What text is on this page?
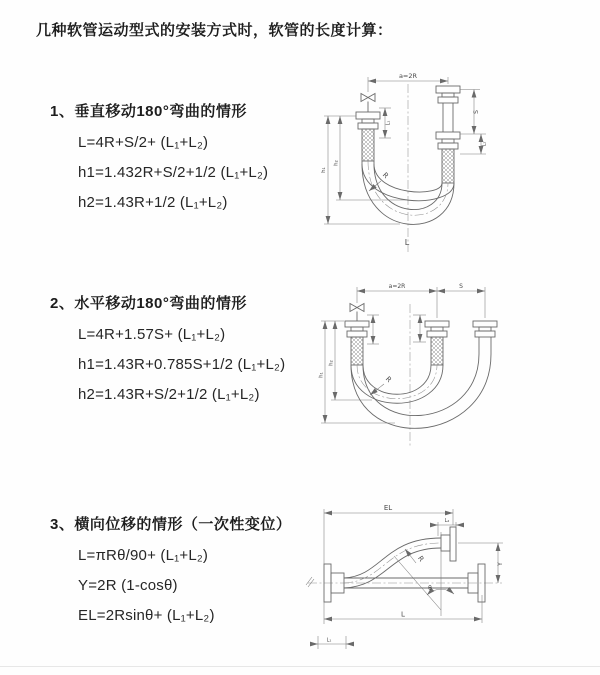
几种软管运动型式的安装方式时，软管的长度计算：
1、垂直移动180°弯曲的情形
L=4R+S/2+ (L₁+L₂)
h1=1.432R+S/2+1/2 (L₁+L₂)
h2=1.43R+1/2 (L₁+L₂)
2、水平移动180°弯曲的情形
L=4R+1.57S+ (L₁+L₂)
h1=1.43R+0.785S+1/2 (L₁+L₂)
h2=1.43R+S/2+1/2 (L₁+L₂)
3、横向位移的情形（一次性变位）
L=πRθ/90+ (L₁+L₂)
Y=2R (1-cosθ)
EL=2Rsinθ+ (L₁+L₂)
a=2R
h₁
h₂
L₁
S
L₂
R
L
a=2R	S
h₁
h₂
R
θ
EL
L₂
Y
L
L₁
R
